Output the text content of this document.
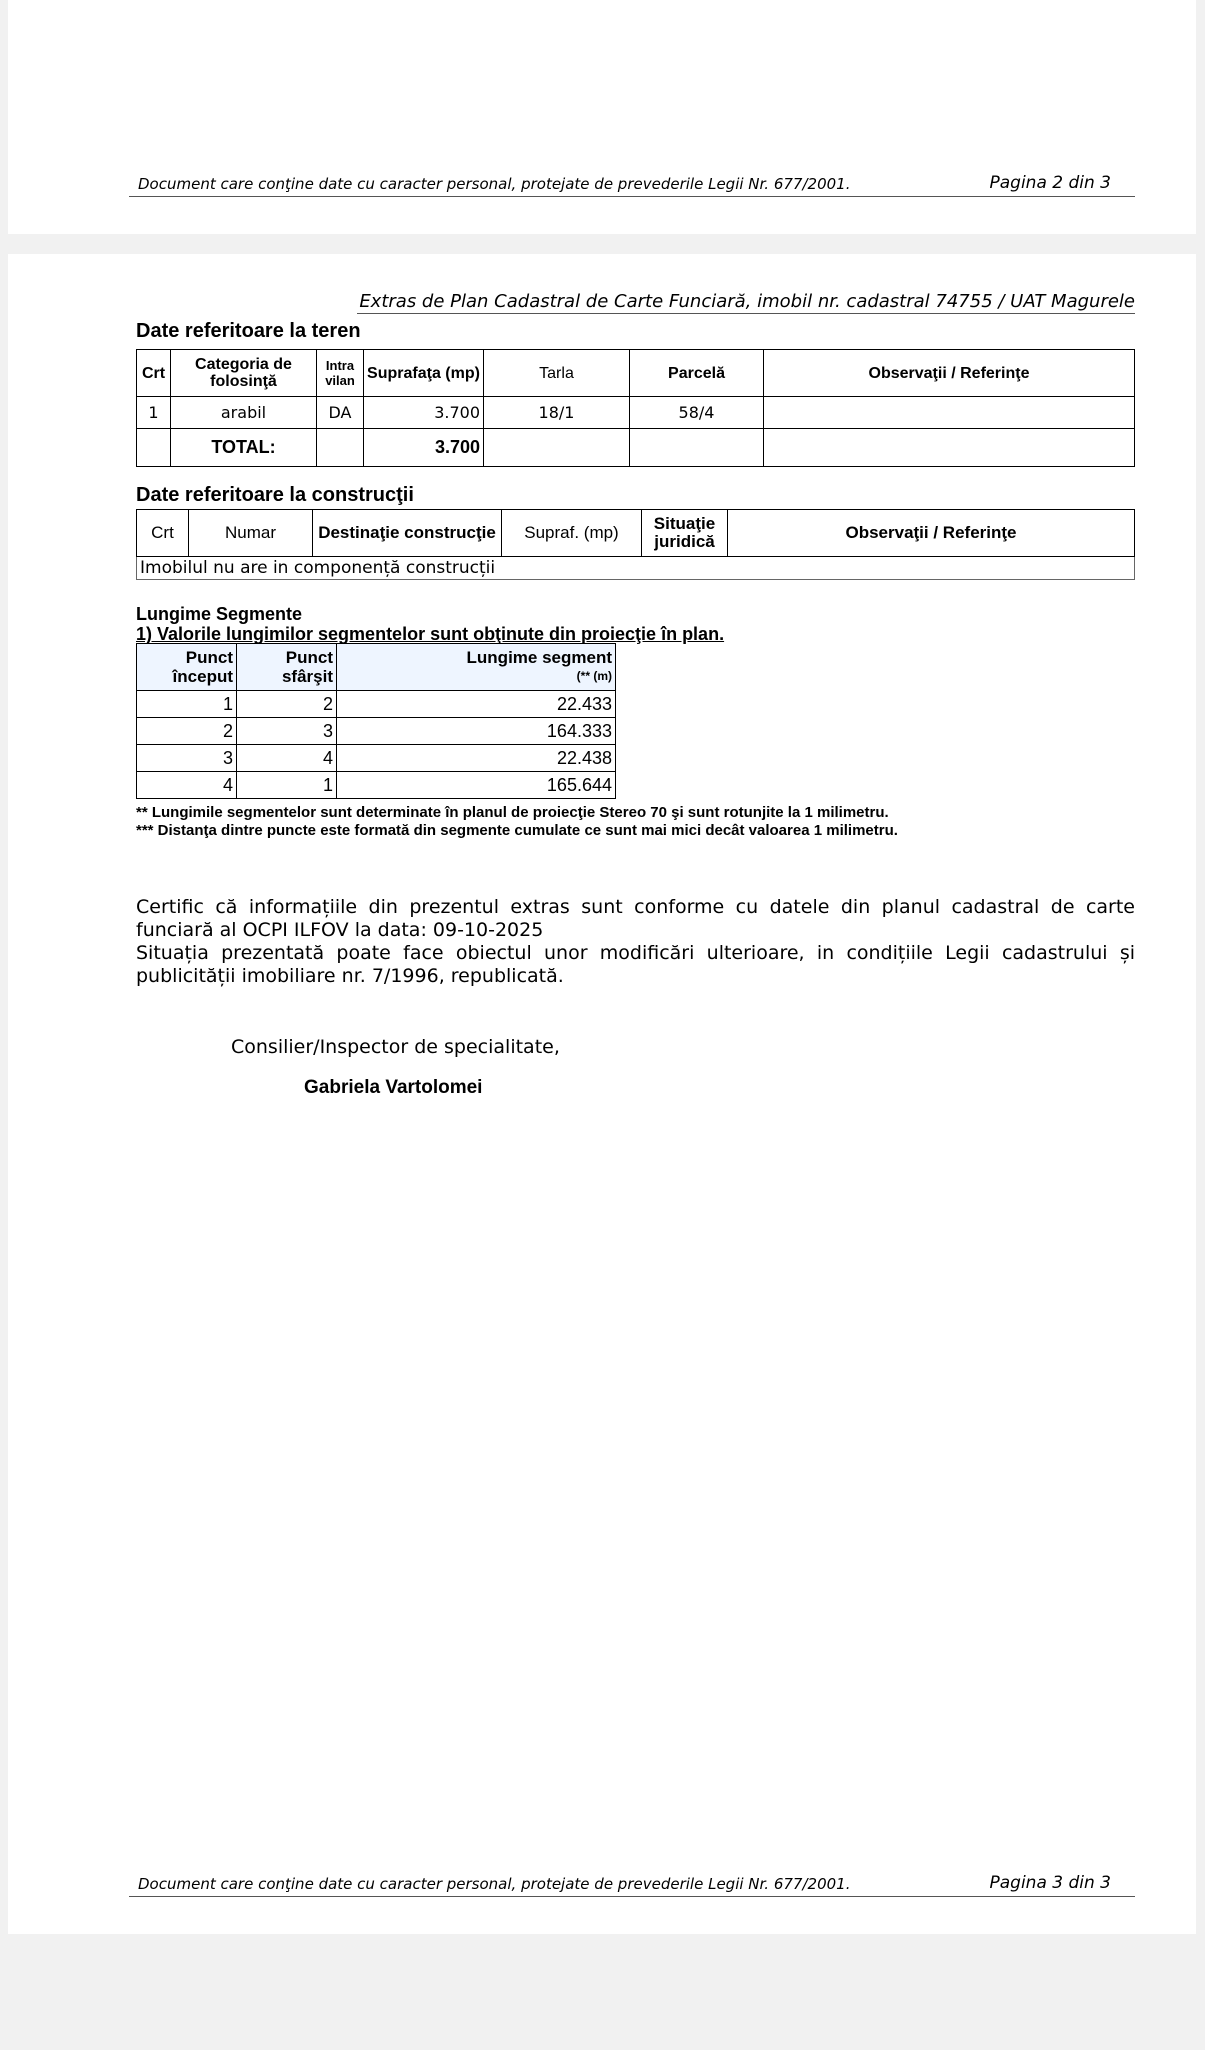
Document care conţine date cu caracter personal, protejate de prevederile Legii Nr. 677/2001.	Pagina 2 din 3
Extras de Plan Cadastral de Carte Funciară, imobil nr. cadastral 74755 / UAT Magurele
Date referitoare la teren
Crt	Categoria de folosinţă	Intra vilan	Suprafaţa (mp)	Tarla	Parcelă	Observaţii / Referinţe
1	arabil	DA	3.700	18/1	58/4	
	TOTAL:		3.700			
Date referitoare la construcţii
Crt	Numar	Destinaţie construcţie	Supraf. (mp)	Situaţie juridică	Observaţii / Referinţe
Imobilul nu are in componență construcții
Lungime Segmente
1) Valorile lungimilor segmentelor sunt obţinute din proiecţie în plan.
Punct început	Punct sfârşit	Lungime segment
(** (m)

1	2	22.433
2	3	164.333
3	4	22.438
4	1	165.644
** Lungimile segmentelor sunt determinate în planul de proiecţie Stereo 70 şi sunt rotunjite la 1 milimetru.
*** Distanţa dintre puncte este formată din segmente cumulate ce sunt mai mici decât valoarea 1 milimetru.

Certific că informațiile din prezentul extras sunt conforme cu datele din planul cadastral de carte funciară al OCPI ILFOV la data: 09-10-2025

Situația prezentată poate face obiectul unor modificări ulterioare, in condițiile Legii cadastrului și publicității imobiliare nr. 7/1996, republicată.

Consilier/Inspector de specialitate,
Gabriela Vartolomei
Document care conţine date cu caracter personal, protejate de prevederile Legii Nr. 677/2001.	Pagina 3 din 3
